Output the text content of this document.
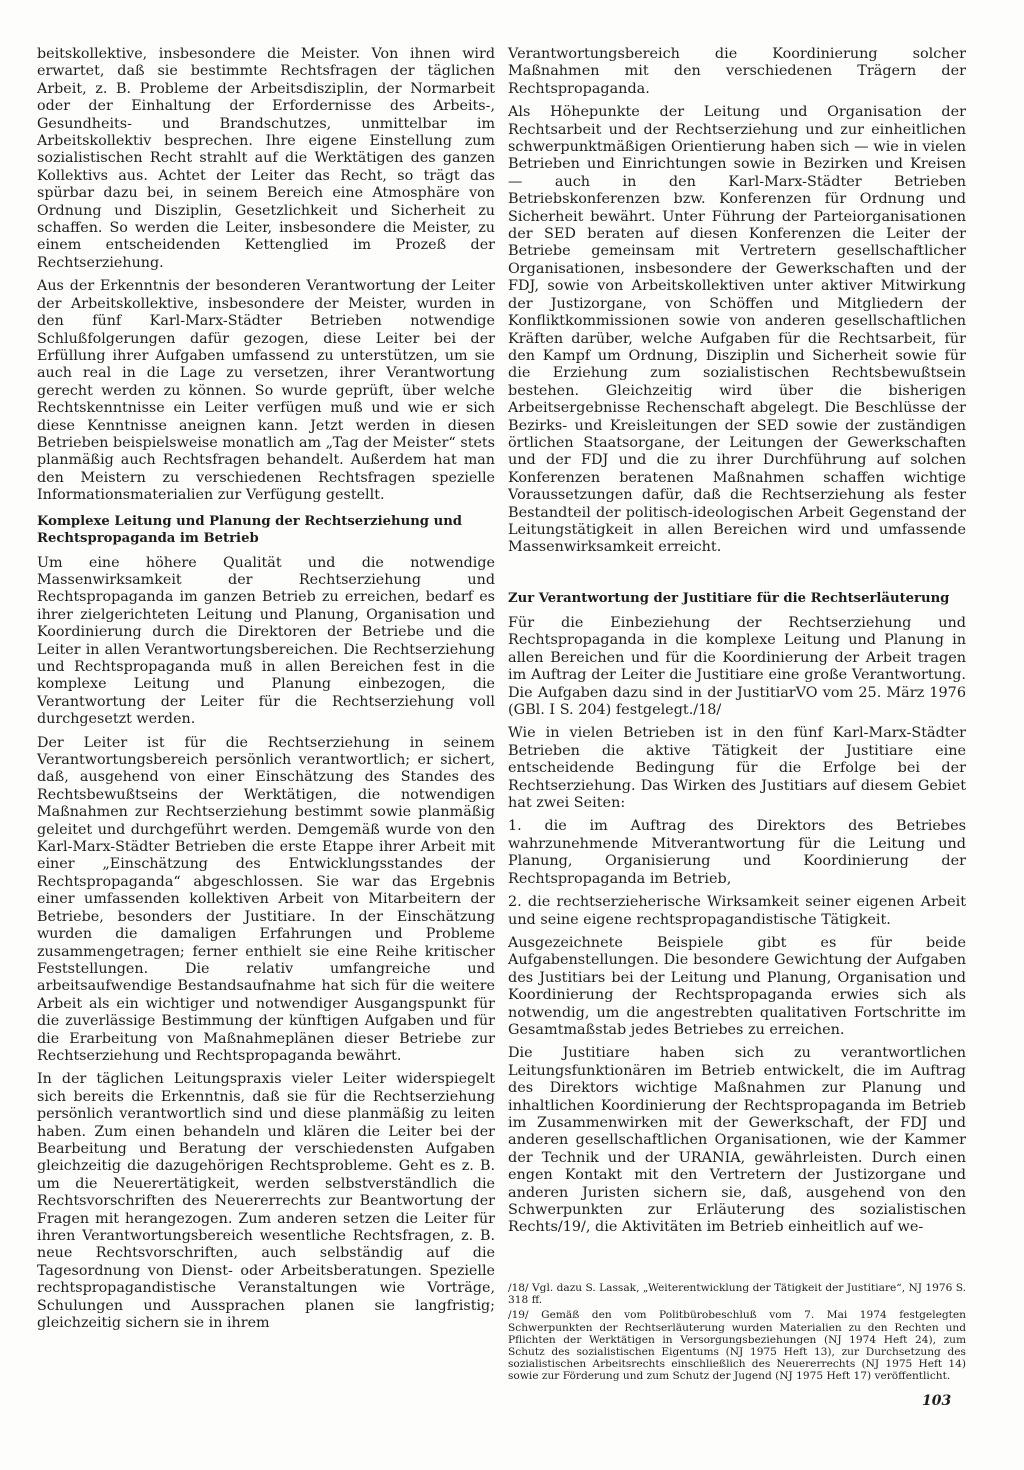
beitskollektive, insbesondere die Meister. Von ihnen wird erwartet, daß sie bestimmte Rechtsfragen der täglichen Arbeit, z. B. Probleme der Arbeitsdisziplin, der Normarbeit oder der Einhaltung der Erfordernisse des Arbeits-, Gesundheits- und Brandschutzes, unmittelbar im Arbeitskollektiv besprechen. Ihre eigene Einstellung zum sozialistischen Recht strahlt auf die Werktätigen des ganzen Kollektivs aus. Achtet der Leiter das Recht, so trägt das spürbar dazu bei, in seinem Bereich eine Atmosphäre von Ordnung und Disziplin, Gesetzlichkeit und Sicherheit zu schaffen. So werden die Leiter, insbesondere die Meister, zu einem entscheidenden Kettenglied im Prozeß der Rechtserziehung.

Aus der Erkenntnis der besonderen Verantwortung der Leiter der Arbeitskollektive, insbesondere der Meister, wurden in den fünf Karl-Marx-Städter Betrieben notwendige Schlußfolgerungen dafür gezogen, diese Leiter bei der Erfüllung ihrer Aufgaben umfassend zu unterstützen, um sie auch real in die Lage zu versetzen, ihrer Verantwortung gerecht werden zu können. So wurde geprüft, über welche Rechtskenntnisse ein Leiter verfügen muß und wie er sich diese Kenntnisse aneignen kann. Jetzt werden in diesen Betrieben beispielsweise monatlich am „Tag der Meister“ stets planmäßig auch Rechtsfragen behandelt. Außerdem hat man den Meistern zu verschiedenen Rechtsfragen spezielle Informationsmaterialien zur Verfügung gestellt.

Komplexe Leitung und Planung der Rechtserziehung und Rechtspropaganda im Betrieb

Um eine höhere Qualität und die notwendige Massenwirksamkeit der Rechtserziehung und Rechtspropaganda im ganzen Betrieb zu erreichen, bedarf es ihrer zielgerichteten Leitung und Planung, Organisation und Koordinierung durch die Direktoren der Betriebe und die Leiter in allen Verantwortungsbereichen. Die Rechtserziehung und Rechtspropaganda muß in allen Bereichen fest in die komplexe Leitung und Planung einbezogen, die Verantwortung der Leiter für die Rechtserziehung voll durchgesetzt werden.

Der Leiter ist für die Rechtserziehung in seinem Verantwortungsbereich persönlich verantwortlich; er sichert, daß, ausgehend von einer Einschätzung des Standes des Rechtsbewußtseins der Werktätigen, die notwendigen Maßnahmen zur Rechtserziehung bestimmt sowie planmäßig geleitet und durchgeführt werden. Demgemäß wurde von den Karl-Marx-Städter Betrieben die erste Etappe ihrer Arbeit mit einer „Einschätzung des Entwicklungsstandes der Rechtspropaganda“ abgeschlossen. Sie war das Ergebnis einer umfassenden kollektiven Arbeit von Mitarbeitern der Betriebe, besonders der Justitiare. In der Einschätzung wurden die damaligen Erfahrungen und Probleme zusammengetragen; ferner enthielt sie eine Reihe kritischer Feststellungen. Die relativ umfangreiche und arbeitsaufwendige Bestandsaufnahme hat sich für die weitere Arbeit als ein wichtiger und notwendiger Ausgangspunkt für die zuverlässige Bestimmung der künftigen Aufgaben und für die Erarbeitung von Maßnahmeplänen dieser Betriebe zur Rechtserziehung und Rechtspropaganda bewährt.

In der täglichen Leitungspraxis vieler Leiter widerspiegelt sich bereits die Erkenntnis, daß sie für die Rechtserziehung persönlich verantwortlich sind und diese planmäßig zu leiten haben. Zum einen behandeln und klären die Leiter bei der Bearbeitung und Beratung der verschiedensten Aufgaben gleichzeitig die dazugehörigen Rechtsprobleme. Geht es z. B. um die Neuerertätigkeit, werden selbstverständlich die Rechtsvorschriften des Neuererrechts zur Beantwortung der Fragen mit herangezogen. Zum anderen setzen die Leiter für ihren Verantwortungsbereich wesentliche Rechtsfragen, z. B. neue Rechtsvorschriften, auch selbständig auf die Tagesordnung von Dienst- oder Arbeitsberatungen. Spezielle rechtspropagandistische Veranstaltungen wie Vorträge, Schulungen und Aussprachen planen sie langfristig; gleichzeitig sichern sie in ihrem

Verantwortungsbereich die Koordinierung solcher Maßnahmen mit den verschiedenen Trägern der Rechtspropaganda.

Als Höhepunkte der Leitung und Organisation der Rechtsarbeit und der Rechtserziehung und zur einheitlichen schwerpunktmäßigen Orientierung haben sich — wie in vielen Betrieben und Einrichtungen sowie in Bezirken und Kreisen — auch in den Karl-Marx-Städter Betrieben Betriebskonferenzen bzw. Konferenzen für Ordnung und Sicherheit bewährt. Unter Führung der Parteiorganisationen der SED beraten auf diesen Konferenzen die Leiter der Betriebe gemeinsam mit Vertretern gesellschaftlicher Organisationen, insbesondere der Gewerkschaften und der FDJ, sowie von Arbeitskollektiven unter aktiver Mitwirkung der Justizorgane, von Schöffen und Mitgliedern der Konfliktkommissionen sowie von anderen gesellschaftlichen Kräften darüber, welche Aufgaben für die Rechtsarbeit, für den Kampf um Ordnung, Disziplin und Sicherheit sowie für die Erziehung zum sozialistischen Rechtsbewußtsein bestehen. Gleichzeitig wird über die bisherigen Arbeitsergebnisse Rechenschaft abgelegt. Die Beschlüsse der Bezirks- und Kreisleitungen der SED sowie der zuständigen örtlichen Staatsorgane, der Leitungen der Gewerkschaften und der FDJ und die zu ihrer Durchführung auf solchen Konferenzen beratenen Maßnahmen schaffen wichtige Voraussetzungen dafür, daß die Rechtserziehung als fester Bestandteil der politisch-ideologischen Arbeit Gegenstand der Leitungstätigkeit in allen Bereichen wird und umfassende Massenwirksamkeit erreicht.

Zur Verantwortung der Justitiare für die Rechtserläuterung

Für die Einbeziehung der Rechtserziehung und Rechtspropaganda in die komplexe Leitung und Planung in allen Bereichen und für die Koordinierung der Arbeit tragen im Auftrag der Leiter die Justitiare eine große Verantwortung. Die Aufgaben dazu sind in der JustitiarVO vom 25. März 1976 (GBl. I S. 204) festgelegt./18/

Wie in vielen Betrieben ist in den fünf Karl-Marx-Städter Betrieben die aktive Tätigkeit der Justitiare eine entscheidende Bedingung für die Erfolge bei der Rechtserziehung. Das Wirken des Justitiars auf diesem Gebiet hat zwei Seiten:

1. die im Auftrag des Direktors des Betriebes wahrzunehmende Mitverantwortung für die Leitung und Planung, Organisierung und Koordinierung der Rechtspropaganda im Betrieb,

2. die rechtserzieherische Wirksamkeit seiner eigenen Arbeit und seine eigene rechtspropagandistische Tätigkeit.

Ausgezeichnete Beispiele gibt es für beide Aufgabenstellungen. Die besondere Gewichtung der Aufgaben des Justitiars bei der Leitung und Planung, Organisation und Koordinierung der Rechtspropaganda erwies sich als notwendig, um die angestrebten qualitativen Fortschritte im Gesamtmaßstab jedes Betriebes zu erreichen.

Die Justitiare haben sich zu verantwortlichen Leitungsfunktionären im Betrieb entwickelt, die im Auftrag des Direktors wichtige Maßnahmen zur Planung und inhaltlichen Koordinierung der Rechtspropaganda im Betrieb im Zusammenwirken mit der Gewerkschaft, der FDJ und anderen gesellschaftlichen Organisationen, wie der Kammer der Technik und der URANIA, gewährleisten. Durch einen engen Kontakt mit den Vertretern der Justizorgane und anderen Juristen sichern sie, daß, ausgehend von den Schwerpunkten zur Erläuterung des sozialistischen Rechts/19/, die Aktivitäten im Betrieb einheitlich auf we-

/18/ Vgl. dazu S. Lassak, „Weiterentwicklung der Tätigkeit der Justitiare“, NJ 1976 S. 318 ff.

/19/ Gemäß den vom Politbürobeschluß vom 7. Mai 1974 festgelegten Schwerpunkten der Rechtserläuterung wurden Materialien zu den Rechten und Pflichten der Werktätigen in Versorgungsbeziehungen (NJ 1974 Heft 24), zum Schutz des sozialistischen Eigentums (NJ 1975 Heft 13), zur Durchsetzung des sozialistischen Arbeitsrechts einschließlich des Neuererrechts (NJ 1975 Heft 14) sowie zur Förderung und zum Schutz der Jugend (NJ 1975 Heft 17) veröffentlicht.

103
